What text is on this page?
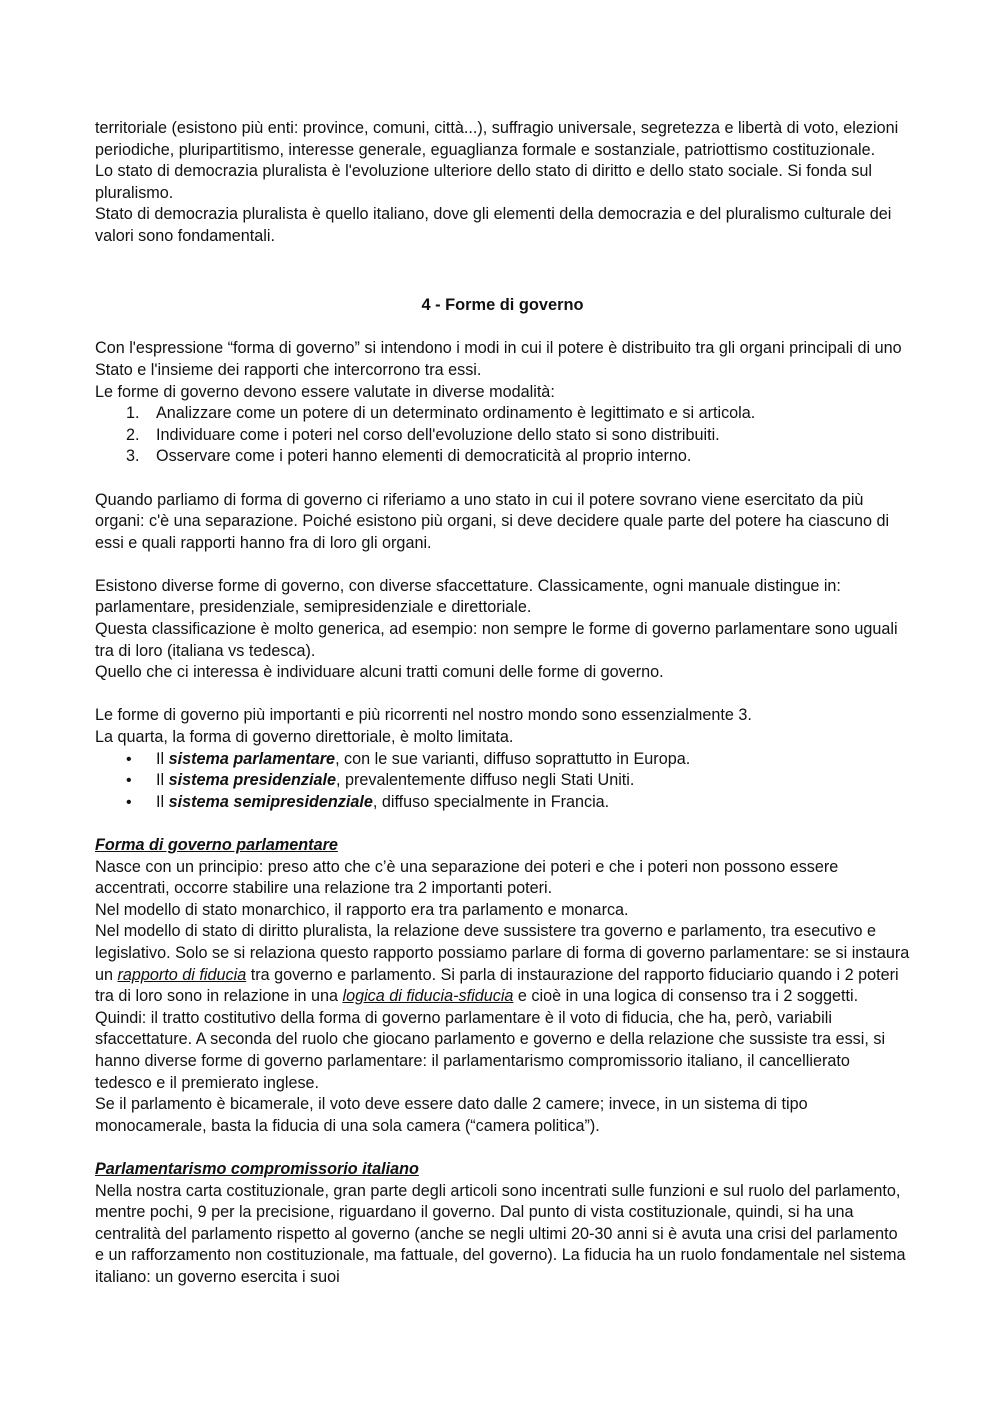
territoriale (esistono più enti: province, comuni, città...), suffragio universale, segretezza e libertà di voto, elezioni periodiche, pluripartitismo, interesse generale, eguaglianza formale e sostanziale, patriottismo costituzionale.

Lo stato di democrazia pluralista è l'evoluzione ulteriore dello stato di diritto e dello stato sociale. Si fonda sul pluralismo.

Stato di democrazia pluralista è quello italiano, dove gli elementi della democrazia e del pluralismo culturale dei valori sono fondamentali.

4 - Forme di governo

Con l'espressione “forma di governo” si intendono i modi in cui il potere è distribuito tra gli organi principali di uno Stato e l'insieme dei rapporti che intercorrono tra essi.

Le forme di governo devono essere valutate in diverse modalità:

1. Analizzare come un potere di un determinato ordinamento è legittimato e si articola.
2. Individuare come i poteri nel corso dell'evoluzione dello stato si sono distribuiti.
3. Osservare come i poteri hanno elementi di democraticità al proprio interno.

Quando parliamo di forma di governo ci riferiamo a uno stato in cui il potere sovrano viene esercitato da più organi: c'è una separazione. Poiché esistono più organi, si deve decidere quale parte del potere ha ciascuno di essi e quali rapporti hanno fra di loro gli organi.

Esistono diverse forme di governo, con diverse sfaccettature. Classicamente, ogni manuale distingue in: parlamentare, presidenziale, semipresidenziale e direttoriale.

Questa classificazione è molto generica, ad esempio: non sempre le forme di governo parlamentare sono uguali tra di loro (italiana vs tedesca).

Quello che ci interessa è individuare alcuni tratti comuni delle forme di governo.

Le forme di governo più importanti e più ricorrenti nel nostro mondo sono essenzialmente 3.

La quarta, la forma di governo direttoriale, è molto limitata.

• Il sistema parlamentare, con le sue varianti, diffuso soprattutto in Europa.
• Il sistema presidenziale, prevalentemente diffuso negli Stati Uniti.
• Il sistema semipresidenziale, diffuso specialmente in Francia.

Forma di governo parlamentare

Nasce con un principio: preso atto che c’è una separazione dei poteri e che i poteri non possono essere accentrati, occorre stabilire una relazione tra 2 importanti poteri.

Nel modello di stato monarchico, il rapporto era tra parlamento e monarca.

Nel modello di stato di diritto pluralista, la relazione deve sussistere tra governo e parlamento, tra esecutivo e legislativo. Solo se si relaziona questo rapporto possiamo parlare di forma di governo parlamentare: se si instaura un rapporto di fiducia tra governo e parlamento. Si parla di instaurazione del rapporto fiduciario quando i 2 poteri tra di loro sono in relazione in una logica di fiducia-sfiducia e cioè in una logica di consenso tra i 2 soggetti.

Quindi: il tratto costitutivo della forma di governo parlamentare è il voto di fiducia, che ha, però, variabili sfaccettature. A seconda del ruolo che giocano parlamento e governo e della relazione che sussiste tra essi, si hanno diverse forme di governo parlamentare: il parlamentarismo compromissorio italiano, il cancellierato tedesco e il premierato inglese.

Se il parlamento è bicamerale, il voto deve essere dato dalle 2 camere; invece, in un sistema di tipo monocamerale, basta la fiducia di una sola camera (“camera politica”).

Parlamentarismo compromissorio italiano

Nella nostra carta costituzionale, gran parte degli articoli sono incentrati sulle funzioni e sul ruolo del parlamento, mentre pochi, 9 per la precisione, riguardano il governo. Dal punto di vista costituzionale, quindi, si ha una centralità del parlamento rispetto al governo (anche se negli ultimi 20-30 anni si è avuta una crisi del parlamento e un rafforzamento non costituzionale, ma fattuale, del governo). La fiducia ha un ruolo fondamentale nel sistema italiano: un governo esercita i suoi
